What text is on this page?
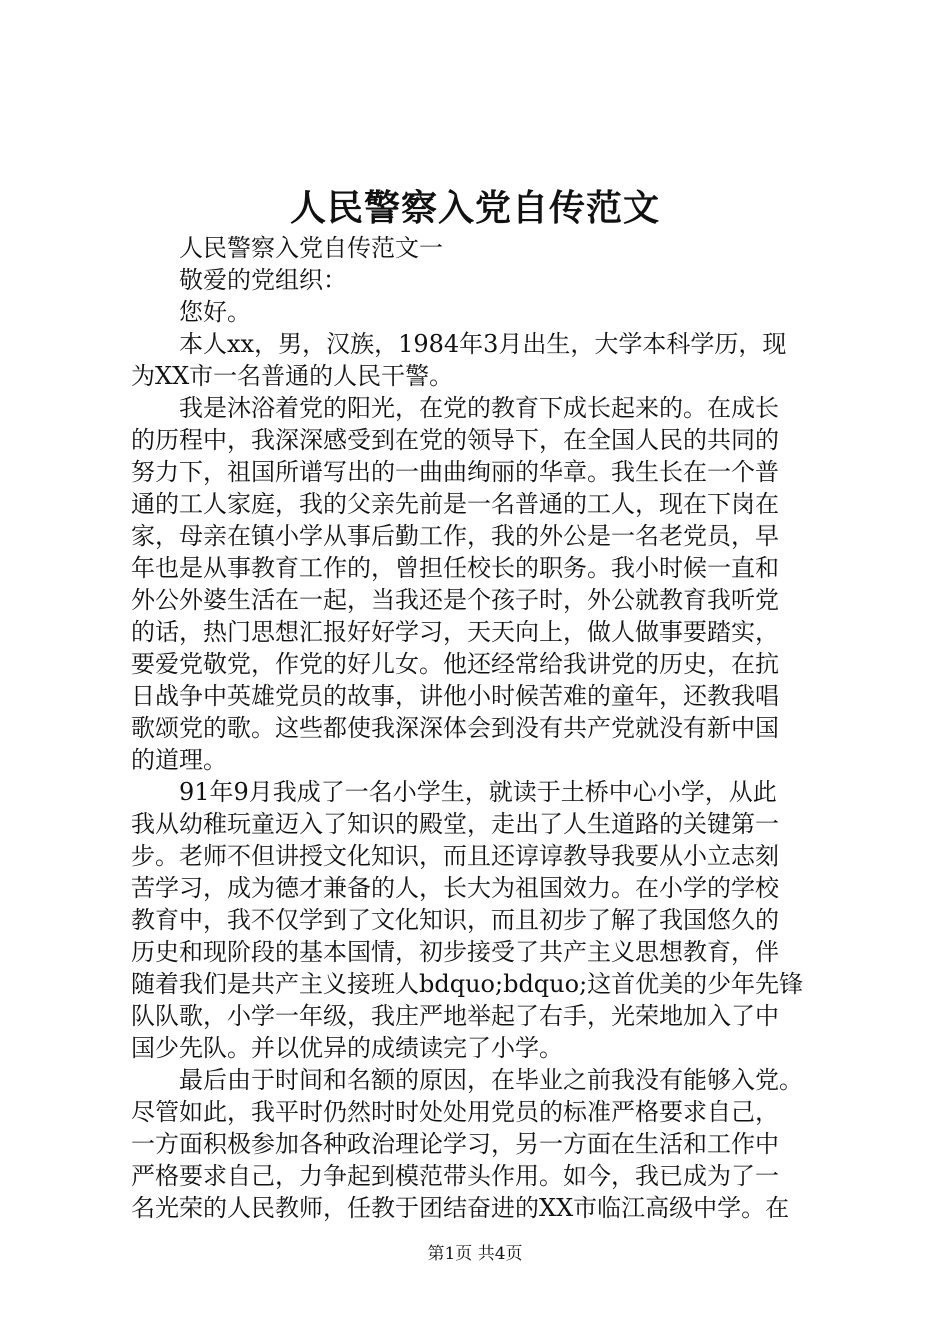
人民警察入党自传范文
人民警察入党自传范文一
敬爱的党组织：
您好。
本人xx，男，汉族，1984年3月出生，大学本科学历，现
为XX市一名普通的人民干警。
我是沐浴着党的阳光，在党的教育下成长起来的。在成长
的历程中，我深深感受到在党的领导下，在全国人民的共同的
努力下，祖国所谱写出的一曲曲绚丽的华章。我生长在一个普
通的工人家庭，我的父亲先前是一名普通的工人，现在下岗在
家，母亲在镇小学从事后勤工作，我的外公是一名老党员，早
年也是从事教育工作的，曾担任校长的职务。我小时候一直和
外公外婆生活在一起，当我还是个孩子时，外公就教育我听党
的话，热门思想汇报好好学习，天天向上，做人做事要踏实，
要爱党敬党，作党的好儿女。他还经常给我讲党的历史，在抗
日战争中英雄党员的故事，讲他小时候苦难的童年，还教我唱
歌颂党的歌。这些都使我深深体会到没有共产党就没有新中国
的道理。
91年9月我成了一名小学生，就读于土桥中心小学，从此
我从幼稚玩童迈入了知识的殿堂，走出了人生道路的关键第一
步。老师不但讲授文化知识，而且还谆谆教导我要从小立志刻
苦学习，成为德才兼备的人，长大为祖国效力。在小学的学校
教育中，我不仅学到了文化知识，而且初步了解了我国悠久的
历史和现阶段的基本国情，初步接受了共产主义思想教育，伴
随着我们是共产主义接班人bdquo;bdquo;这首优美的少年先锋
队队歌，小学一年级，我庄严地举起了右手，光荣地加入了中
国少先队。并以优异的成绩读完了小学。
最后由于时间和名额的原因，在毕业之前我没有能够入党。
尽管如此，我平时仍然时时处处用党员的标准严格要求自己，
一方面积极参加各种政治理论学习，另一方面在生活和工作中
严格要求自己，力争起到模范带头作用。如今，我已成为了一
名光荣的人民教师，任教于团结奋进的XX市临江高级中学。在
第1页 共4页
